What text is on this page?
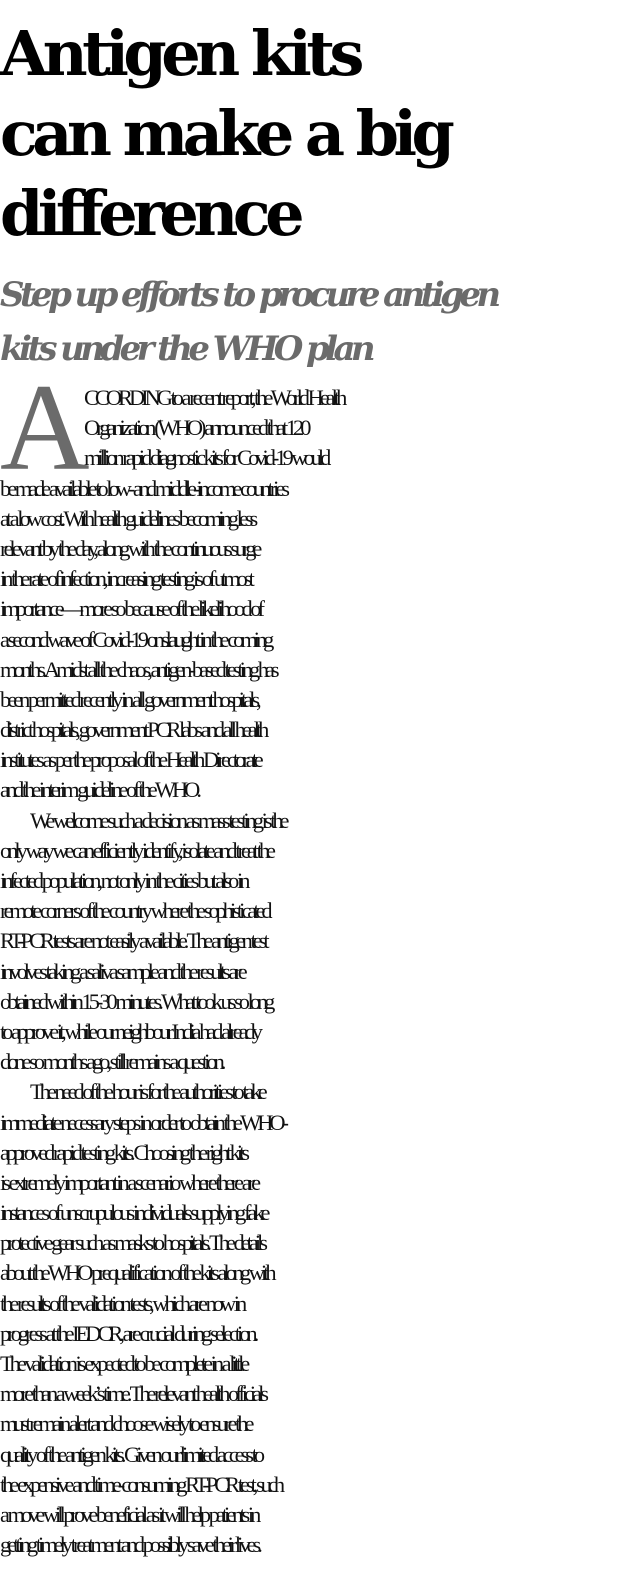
Antigen kits
can make a big
difference
Step up efforts to procure antigen
kits under the WHO plan
A
CCORDING to a recent report, the World Health
Organization (WHO) announced that 120
million rapid diagnostic kits for Covid-19 would
be made available to low- and middle-income countries
at a low cost. With health guidelines becoming less
relevant by the day, along with the continuous surge
in the rate of infection, increasing testing is of utmost
importance—more so because of the likelihood of
a second wave of Covid-19 onslaught in the coming
months. Amidst all the chaos, antigen-based testing has
been permitted recently in all government hospitals,
district hospitals, government PCR labs and all health
institutes as per the proposal of the Health Directorate
and the interim guideline of the WHO.
We welcome such a decision as mass testing is the
only way we can efficiently identify, isolate and treat the
infected population, not only in the cities but also in
remote corners of the country where the sophisticated
RT-PCR tests are not easily available. The antigen test
involves taking a saliva sample and the results are
obtained within 15-30 minutes. What took us so long
to approve it, while our neighbour India had already
done so months ago, still remains a question.
The need of the hour is for the authorities to take
immediate necessary steps in order to obtain the WHO-
approved rapid testing kits. Choosing the right kits
is extremely important in a scenario where there are
instances of unscrupulous individuals supplying fake
protective gear such as masks to hospitals. The details
about the WHO prequalification of the kits along with
the results of the validation tests, which are now in
progress at the IEDCR, are crucial during selection.
The validation is expected to be complete in a little
more than a week’s time. The relevant health officials
must remain alert and choose wisely to ensure the
quality of the antigen kits. Given our limited access to
the expensive and time-consuming RT-PCR test, such
a move will prove beneficial as it will help patients in
getting timely treatment and possibly save their lives.
